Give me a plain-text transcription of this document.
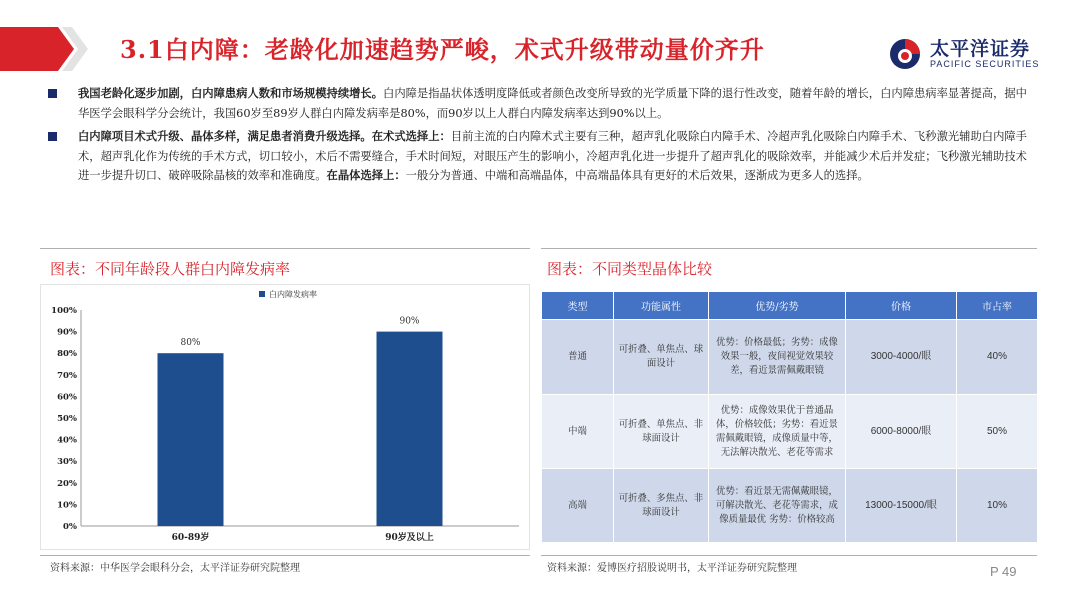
3.1白内障：老龄化加速趋势严峻，术式升级带动量价齐升	太平洋证券
PACIFIC SECURITIES
我国老龄化逐步加剧，白内障患病人数和市场规模持续增长。白内障是指晶状体透明度降低或者颜色改变所导致的光学质量下降的退行性改变，随着年龄的增长，白内障患病率显著提高，据中华医学会眼科学分会统计，我国60岁至89岁人群白内障发病率是80%，而90岁以上人群白内障发病率达到90%以上。
白内障项目术式升级、晶体多样，满足患者消费升级选择。在术式选择上：目前主流的白内障术式主要有三种，超声乳化吸除白内障手术、冷超声乳化吸除白内障手术、飞秒激光辅助白内障手术，超声乳化作为传统的手术方式，切口较小，术后不需要缝合，手术时间短，对眼压产生的影响小，冷超声乳化进一步提升了超声乳化的吸除效率，并能减少术后并发症；飞秒激光辅助技术进一步提升切口、破碎吸除晶核的效率和准确度。在晶体选择上：一般分为普通、中端和高端晶体，中高端晶体具有更好的术后效果，逐渐成为更多人的选择。
图表：不同年龄段人群白内障发病率	图表：不同类型晶体比较
白内障发病率
0%
10%
20%
30%
40%
50%
60%
70%
80%
90%
100%
80%
60-89岁
90%
90岁及以上
资料来源：中华医学会眼科分会，太平洋证券研究院整理	资料来源：爱博医疗招股说明书，太平洋证券研究院整理
类型	功能属性	优势/劣势	价格	市占率
普通	可折叠、单焦点、球面设计	优势：价格最低；劣势：成像效果一般，夜间视觉效果较差，看近景需佩戴眼镜	3000-4000/眼	40%
中端	可折叠、单焦点、非球面设计	优势：成像效果优于普通晶体，价格较低；劣势：看近景需佩戴眼镜，成像质量中等，无法解决散光、老花等需求	6000-8000/眼	50%
高端	可折叠、多焦点、非球面设计	优势：看近景无需佩戴眼镜，可解决散光、老花等需求，成像质量最优 劣势：价格较高	13000-15000/眼	10%
P 49
